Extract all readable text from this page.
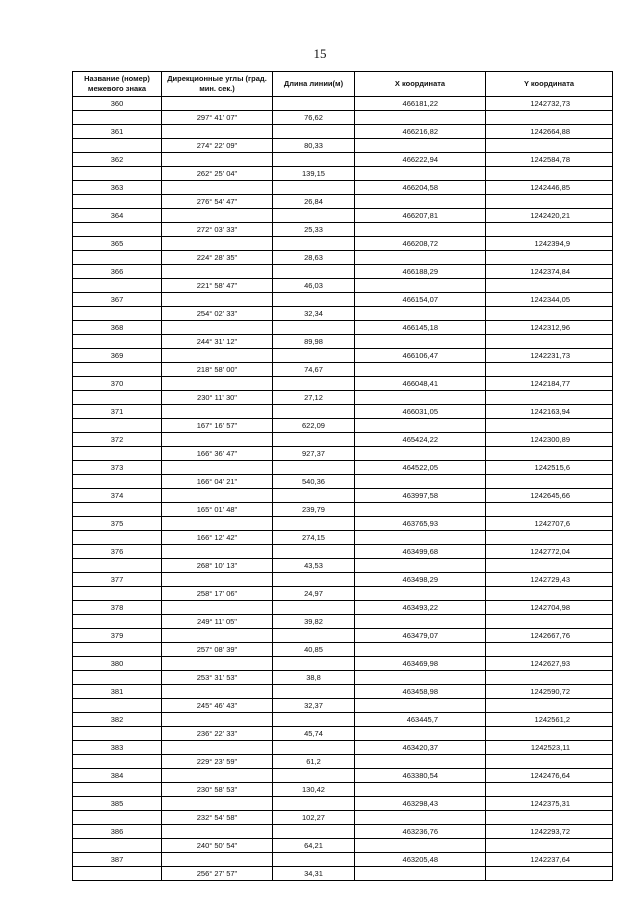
15
Название (номер) межевого знака	Дирекционные углы (град. мин. сек.)	Длина линии(м)	X координата	Y координата
360			466181,22	1242732,73
	297° 41' 07"	76,62		
361			466216,82	1242664,88
	274° 22' 09"	80,33		
362			466222,94	1242584,78
	262° 25' 04"	139,15		
363			466204,58	1242446,85
	276° 54' 47"	26,84		
364			466207,81	1242420,21
	272° 03' 33"	25,33		
365			466208,72	1242394,9
	224° 28' 35"	28,63		
366			466188,29	1242374,84
	221° 58' 47"	46,03		
367			466154,07	1242344,05
	254° 02' 33"	32,34		
368			466145,18	1242312,96
	244° 31' 12"	89,98		
369			466106,47	1242231,73
	218° 58' 00"	74,67		
370			466048,41	1242184,77
	230° 11' 30"	27,12		
371			466031,05	1242163,94
	167° 16' 57"	622,09		
372			465424,22	1242300,89
	166° 36' 47"	927,37		
373			464522,05	1242515,6
	166° 04' 21"	540,36		
374			463997,58	1242645,66
	165° 01' 48"	239,79		
375			463765,93	1242707,6
	166° 12' 42"	274,15		
376			463499,68	1242772,04
	268° 10' 13"	43,53		
377			463498,29	1242729,43
	258° 17' 06"	24,97		
378			463493,22	1242704,98
	249° 11' 05"	39,82		
379			463479,07	1242667,76
	257° 08' 39"	40,85		
380			463469,98	1242627,93
	253° 31' 53"	38,8		
381			463458,98	1242590,72
	245° 46' 43"	32,37		
382			463445,7	1242561,2
	236° 22' 33"	45,74		
383			463420,37	1242523,11
	229° 23' 59"	61,2		
384			463380,54	1242476,64
	230° 58' 53"	130,42		
385			463298,43	1242375,31
	232° 54' 58"	102,27		
386			463236,76	1242293,72
	240° 50' 54"	64,21		
387			463205,48	1242237,64
	256° 27' 57"	34,31		
